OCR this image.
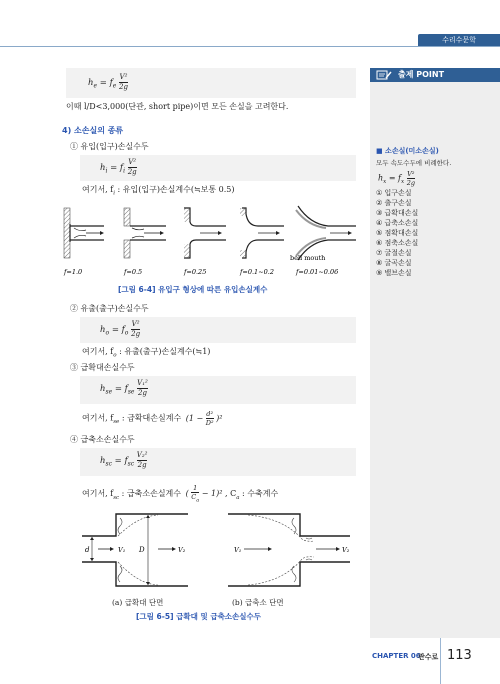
수리수문학
출제 POINT
■ 소손실(미소손실)
모두 속도수두에 비례한다.
$h_x = f_x \frac{\text{V²}}{2g}$
① 입구손실
② 출구손실
③ 급확대손실
④ 급축소손실
⑤ 점확대손실
⑥ 점축소손실
⑦ 굴절손실
⑧ 굴곡손실
⑨ 밸브손실
$h_e = f_e \frac{\text{V²}}{2g}$
이때 l/D<3,000(단관, short pipe)이면 모든 손실을 고려한다.
4) 소손실의 종류
① 유입(입구)손실수두
$h_i = f_i \frac{\text{V²}}{2g}$
여기서, $f_i$ : 유입(입구)손실계수(≒보통 0.5)
bell mouth
f=1.0	f=0.5	f=0.25	f=0.1~0.2	f=0.01~0.06
[그림 6-4] 유입구 형상에 따른 유입손실계수
② 유출(출구)손실수두
$h_o = f_o \frac{\text{V²}}{2g}$
여기서, $f_o$ : 유출(출구)손실계수(≒1)
③ 급확대손실수두
$h_{se} = f_{se} \frac{\text{V₁²}}{2g}$
여기서, $f_{se}$ : 급확대손실계수 $(1 - \frac{\text{d²}}{\text{D²}} )^2$
④ 급축소손실수두
$h_{sc} = f_{sc} \frac{\text{V₂²}}{2g}$
여기서, $f_{sc}$ : 급축소손실계수 ( $\frac{1}{C_a} - 1)^2$ , $C_a$ : 수축계수
d	V₁ D	V₂	V₁	V₂
(a) 급확대 단면	(b) 급축소 단면
[그림 6-5] 급확대 및 급축소손실수두
CHAPTER 06
관수로 113
